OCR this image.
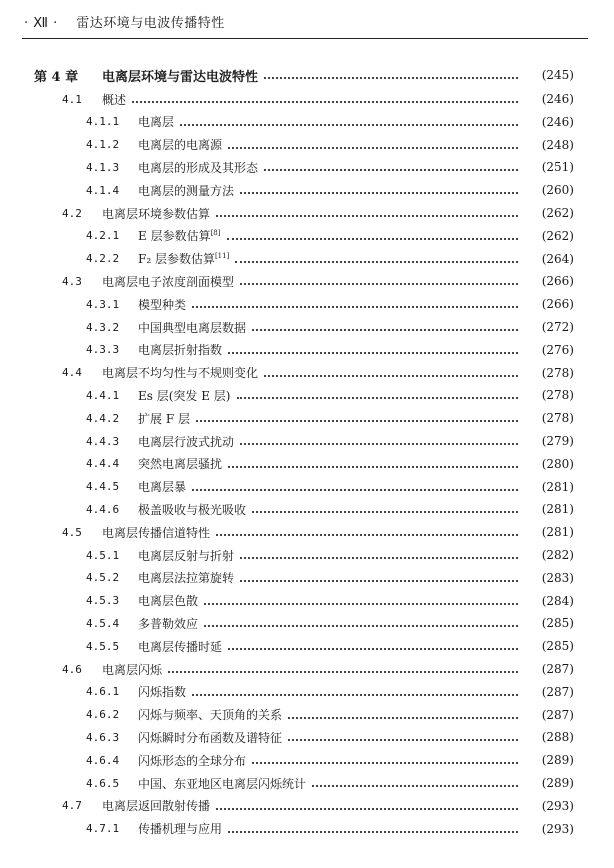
· Ⅻ · 雷达环境与电波传播特性
第 4 章	电离层环境与雷达电波特性	(245)
4.1	概述	(246)
4.1.1	电离层	(246)
4.1.2	电离层的电离源	(248)
4.1.3	电离层的形成及其形态	(251)
4.1.4	电离层的测量方法	(260)
4.2	电离层环境参数估算	(262)
4.2.1	E 层参数估算[8]	(262)
4.2.2	F₂ 层参数估算[11]	(264)
4.3	电离层电子浓度剖面模型	(266)
4.3.1	模型种类	(266)
4.3.2	中国典型电离层数据	(272)
4.3.3	电离层折射指数	(276)
4.4	电离层不均匀性与不规则变化	(278)
4.4.1	Es 层(突发 E 层)	(278)
4.4.2	扩展 F 层	(278)
4.4.3	电离层行波式扰动	(279)
4.4.4	突然电离层骚扰	(280)
4.4.5	电离层暴	(281)
4.4.6	极盖吸收与极光吸收	(281)
4.5	电离层传播信道特性	(281)
4.5.1	电离层反射与折射	(282)
4.5.2	电离层法拉第旋转	(283)
4.5.3	电离层色散	(284)
4.5.4	多普勒效应	(285)
4.5.5	电离层传播时延	(285)
4.6	电离层闪烁	(287)
4.6.1	闪烁指数	(287)
4.6.2	闪烁与频率、天顶角的关系	(287)
4.6.3	闪烁瞬时分布函数及谱特征	(288)
4.6.4	闪烁形态的全球分布	(289)
4.6.5	中国、东亚地区电离层闪烁统计	(289)
4.7	电离层返回散射传播	(293)
4.7.1	传播机理与应用	(293)
